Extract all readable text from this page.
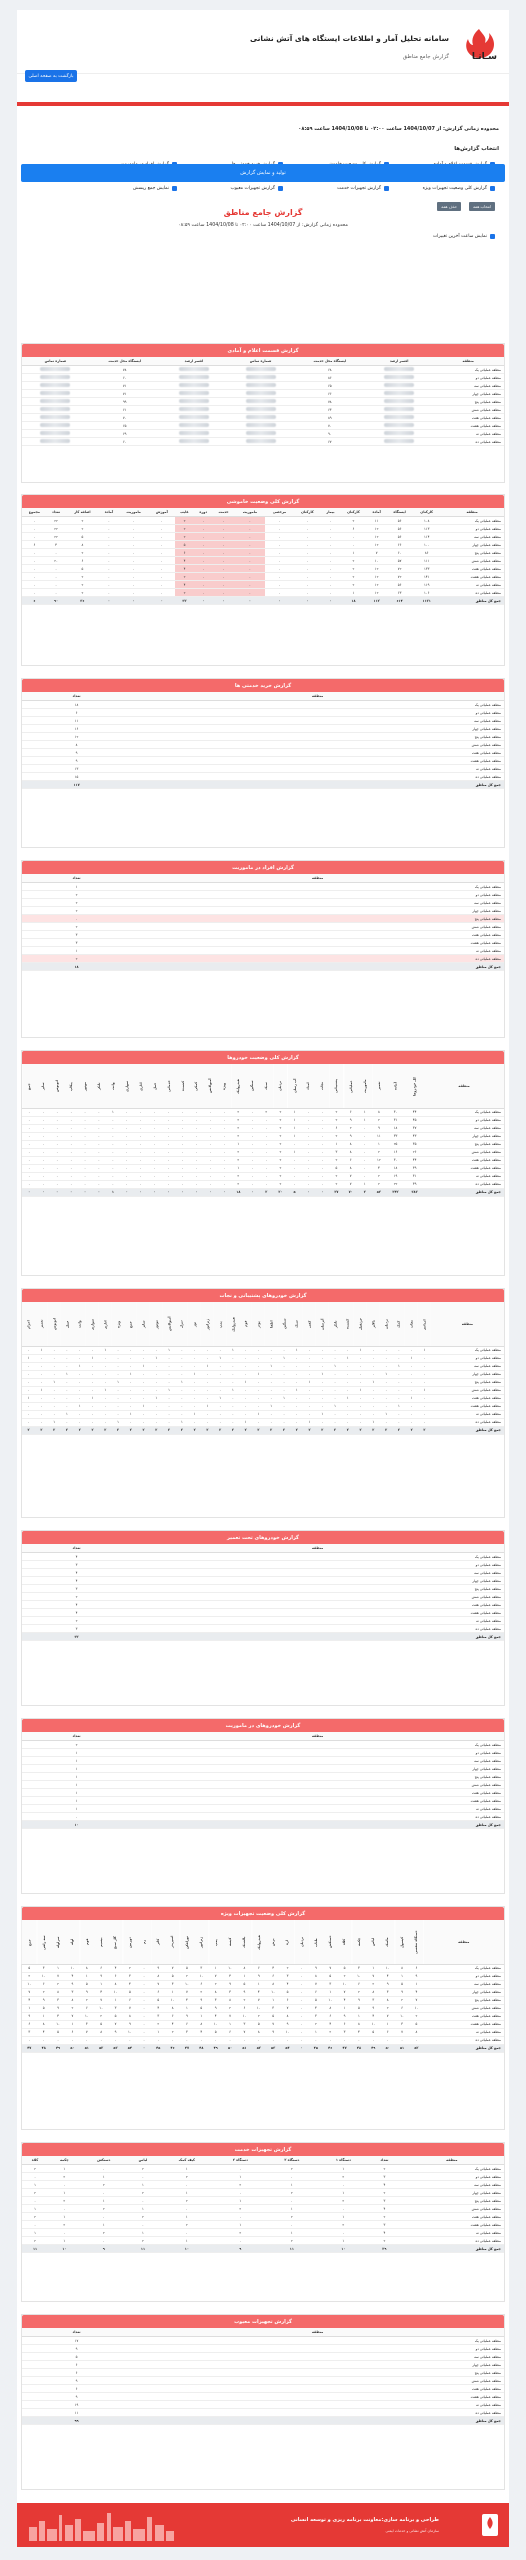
سـاتـا
سامانه تحلیل آمار و اطلاعات ایستگاه های آتش نشانی
گزارش جامع مناطق
بازگشت به صفحه اصلی
محدوده زمانی گزارش: از 1404/10/07 ساعت ۰۲:۰۰ تا 1404/10/08 ساعت ۰۸:۵۹
انتخاب گزارش‌ها
گزارش کلی وضعیت تجهیزات ویژه
گزارش تجهیزات خدمت
گزارش تجهیزات معیوب
نمایش جمع ریسش
انتخاب همه
حذف همه
نمایش ساعت آخرین تغییرات
تولید و نمایش گزارش
گزارش جامع مناطق
محدوده زمانی گزارش: از 1404/10/07 ساعت ۰۲:۰۰ تا 1404/10/08 ساعت ۰۸:۵۹
گزارش قسمت اعلام و آمادی
منطقه	افسر ارشد	ایستگاه محل خدمت	شماره تماس	افسر ارشد	ایستگاه محل خدمت	شماره تماس
منطقه عملیاتی یک		۶۸			۷۸	
منطقه عملیاتی دو		۸۶			۶۰	
منطقه عملیاتی سه		۶۵			۷۱	
منطقه عملیاتی چهار		۶۶			۷۱	
منطقه عملیاتی پنج		۷۸			۹۹	
منطقه عملیاتی شش		۶۳			۶۱	
منطقه عملیاتی هفت		۸۹			۷۰	
منطقه عملیاتی هشت		۷۰			۶۵	
منطقه عملیاتی نه		۹۰			۶۹	
منطقه عملیاتی ده		۶۷			۶۰	
گزارش کلی وضعیت خاموشی
منطقه	کارکنان	ایستگاه	آماده	کارکنان	بیمار	کارکنان	مرخصی	ماموریت	خدمت	دوره	غایب	آموزش	ماموریت	آماده	اضافه کار	تعداد	مجموع
منطقه عملیاتی یک	۱۰۸	۵۶	۱۱	۲	۰	۰	۰	۰	۰	۰	۲	۰	۰	۰	۲	۲۲	۰
منطقه عملیاتی دو	۱۱۳	۵۶	۱۲	۶	۰	۰	۰	۰	۰	۰	۲	۰	۰	۰	۲	۲۲	۰
منطقه عملیاتی سه	۱۱۴	۵۶	۱۲	۰	۰	۰	۰	۰	۰	۰	۲	۰	۰	۰	۵	۲۲	۰
منطقه عملیاتی چهار	۱۰۰	۶۶	۱۲	۰	۰	۰	۰	۰	۰	۰	۵	۰	۰	۰	۸	۴	۶
منطقه عملیاتی پنج	۸۶	۶۰	۷	۱	۰	۰	۰	۰	۰	۰	۶	۰	۰	۰	۲	۰	۰
منطقه عملیاتی شش	۱۱۱	۵۷	۱۰	۲	۰	۰	۰	۰	۰	۰	۴	۰	۰	۰	۶	۲۰	۰
منطقه عملیاتی هفت	۱۳۳	۷۲	۱۲	۲	۰	۰	۰	۰	۰	۰	۴	۰	۰	۰	۵	۰	۰
منطقه عملیاتی هشت	۱۴۱	۷۲	۱۲	۲	۰	۰	۰	۰	۰	۰	۲	۰	۰	۰	۲	۰	۰
منطقه عملیاتی نه	۱۱۹	۵۶	۱۲	۲	۰	۰	۰	۰	۰	۰	۴	۰	۰	۰	۲	۰	۰
منطقه عملیاتی ده	۱۰۶	۶۳	۱۲	۱	۰	۰	۰	۰	۰	۰	۲	۰	۰	۰	۲	۰	۰
جمع کل مناطق	۱۱۳۱	۶۱۴	۱۱۲	۱۸	۰	۰	۰	۰	۰	۰	۳۳	۰	۰	۰	۳۶	۹۰	۶
گزارش خرید خدمتی ها
منطقه	تعداد
منطقه عملیاتی یک	۱۸
منطقه عملیاتی دو	۶
منطقه عملیاتی سه	۱۱
منطقه عملیاتی چهار	۱۶
منطقه عملیاتی پنج	۱۲
منطقه عملیاتی شش	۸
منطقه عملیاتی هفت	۹
منطقه عملیاتی هشت	۹
منطقه عملیاتی نه	۱۳
منطقه عملیاتی ده	۱۵
جمع کل مناطق	۱۱۷
گزارش افراد در ماموریت
منطقه	تعداد
منطقه عملیاتی یک	۱
منطقه عملیاتی دو	۲
منطقه عملیاتی سه	۲
منطقه عملیاتی چهار	۲
منطقه عملیاتی پنج	۰
منطقه عملیاتی شش	۲
منطقه عملیاتی هفت	۳
منطقه عملیاتی هشت	۳
منطقه عملیاتی نه	۱
منطقه عملیاتی ده	۲
جمع کل مناطق	۱۸
گزارش کلی وضعیت خودروها
منطقه	کل خودروها	آماده	تعمیر	ماموریت	عملیاتی	پشتیبانی	نجات	امداد	آب رسان	نردبان	سبک	سنگین	هیدرولیک	ویژه	آمبولانس	کمکی	کشنده	خدماتی	حمل	اداری	سواری	وانت	تانکر	موتور	پیکاپ	اتوبوس	سایر	جمع
منطقه عملیاتی یک	۴۴	۳۰	۸	۱	۶	۲	۰	۰	۱	۲	۲	۰	۲	۰	۰	۰	۰	۰	۰	۰	۰	۱	۰	۰	۰	۰	۰	۰
منطقه عملیاتی دو	۴۵	۳۱	۲	۱	۹	۲	۰	۰	۱	۲	۰	۰	۲	۰	۰	۰	۰	۰	۰	۰	۰	۰	۰	۰	۰	۰	۰	۰
منطقه عملیاتی سه	۳۷	۱۸	۹	۰	۲	۶	۰	۰	۱	۲	۰	۰	۲	۰	۰	۰	۰	۰	۰	۰	۰	۰	۰	۰	۰	۰	۰	۰
منطقه عملیاتی چهار	۴۳	۳۳	۱۱	۰	۹	۲	۰	۰	۱	۲	۰	۰	۲	۰	۰	۰	۰	۰	۰	۰	۰	۰	۰	۰	۰	۰	۰	۰
منطقه عملیاتی پنج	۳۵	۲۵	۱	۰	۸	۱	۰	۰	۰	۲	۰	۰	۱	۰	۰	۰	۰	۰	۰	۰	۰	۰	۰	۰	۰	۰	۰	۰
منطقه عملیاتی شش	۲۶	۱۶	۲	۰	۸	۳	۰	۰	۱	۲	۰	۰	۲	۰	۰	۰	۰	۰	۰	۰	۰	۰	۰	۰	۰	۰	۰	۰
منطقه عملیاتی هفت	۴۴	۳۰	۱۲	۰	۶	۲	۰	۰	۰	۲	۰	۰	۲	۰	۰	۰	۰	۰	۰	۰	۰	۰	۰	۰	۰	۰	۰	۰
منطقه عملیاتی هشت	۳۹	۱۸	۴	۰	۸	۵	۰	۰	۰	۲	۰	۰	۱	۰	۰	۰	۰	۰	۰	۰	۰	۰	۰	۰	۰	۰	۰	۰
منطقه عملیاتی نه	۳۱	۱۹	۲	۰	۷	۲	۰	۰	۰	۲	۰	۰	۲	۰	۰	۰	۰	۰	۰	۰	۰	۰	۰	۰	۰	۰	۰	۰
منطقه عملیاتی ده	۳۹	۲۲	۲	۱	۷	۲	۰	۰	۰	۲	۰	۰	۲	۰	۰	۰	۰	۰	۰	۰	۰	۰	۰	۰	۰	۰	۰	۰
جمع کل مناطق	۳۸۳	۲۴۲	۵۳	۳	۷۰	۲۷	۰	۰	۵	۲۰	۲	۰	۱۸	۰	۰	۰	۰	۰	۰	۰	۰	۱	۰	۰	۰	۰	۰	۰
گزارش خودروهای پشتیبانی و نجات
منطقه	امدادی	نجات	کمک	نردبان	بالابر	جرثقیل	کشنده	تانکر	آبرسان	کفی	سبک	سنگین	اطفا	پودر	فوم	هیدرولیک	پمپ	ژنراتور	نور	دیزل	آمبولانس	موتور	سایر	جمع	ویژه	اداری	سواری	وانت	حمل	اتوبوس	تعمیر	اعزام
منطقه عملیاتی یک	۱	۰	۰	۰	۰	۱	۰	۰	۰	۰	۱	۰	۰	۰	۰	۱	۰	۰	۰	۰	۱	۰	۰	۰	۰	۱	۰	۰	۰	۰	۱	۰
منطقه عملیاتی دو	۰	۱	۰	۰	۰	۰	۱	۰	۰	۰	۰	۱	۰	۰	۰	۰	۱	۰	۰	۰	۰	۱	۰	۰	۰	۰	۱	۰	۰	۰	۰	۱
منطقه عملیاتی سه	۰	۰	۱	۰	۰	۰	۰	۱	۰	۰	۰	۰	۱	۰	۰	۰	۰	۱	۰	۰	۰	۰	۱	۰	۰	۰	۰	۱	۰	۰	۰	۰
منطقه عملیاتی چهار	۰	۰	۰	۱	۰	۰	۰	۰	۱	۰	۰	۰	۰	۱	۰	۰	۰	۰	۱	۰	۰	۰	۰	۱	۰	۰	۰	۰	۱	۰	۰	۰
منطقه عملیاتی پنج	۰	۰	۰	۰	۱	۰	۰	۰	۰	۱	۰	۰	۰	۰	۱	۰	۰	۰	۰	۱	۰	۰	۰	۰	۱	۰	۰	۰	۰	۱	۰	۰
منطقه عملیاتی شش	۱	۰	۰	۰	۰	۱	۰	۰	۰	۰	۱	۰	۰	۰	۰	۱	۰	۰	۰	۰	۱	۰	۰	۰	۰	۱	۰	۰	۰	۰	۱	۰
منطقه عملیاتی هفت	۰	۱	۰	۰	۰	۰	۱	۰	۰	۰	۰	۱	۰	۰	۰	۰	۱	۰	۰	۰	۰	۱	۰	۰	۰	۰	۱	۰	۰	۰	۰	۱
منطقه عملیاتی هشت	۰	۰	۱	۰	۰	۰	۰	۱	۰	۰	۰	۰	۱	۰	۰	۰	۰	۱	۰	۰	۰	۰	۱	۰	۰	۰	۰	۱	۰	۰	۰	۰
منطقه عملیاتی نه	۰	۰	۰	۱	۰	۰	۰	۰	۱	۰	۰	۰	۰	۱	۰	۰	۰	۰	۱	۰	۰	۰	۰	۱	۰	۰	۰	۰	۱	۰	۰	۰
منطقه عملیاتی ده	۰	۰	۰	۰	۱	۰	۰	۰	۰	۱	۰	۰	۰	۰	۱	۰	۰	۰	۰	۱	۰	۰	۰	۰	۱	۰	۰	۰	۰	۱	۰	۰
جمع کل مناطق	۲	۲	۲	۲	۲	۲	۲	۲	۲	۲	۲	۲	۲	۲	۲	۲	۲	۲	۲	۲	۲	۲	۲	۲	۲	۲	۲	۲	۲	۲	۲	۲
گزارش خودروهای تحت تعمیر
منطقه	تعداد
منطقه عملیاتی یک	۴
منطقه عملیاتی دو	۳
منطقه عملیاتی سه	۴
منطقه عملیاتی چهار	۴
منطقه عملیاتی پنج	۳
منطقه عملیاتی شش	۲
منطقه عملیاتی هفت	۴
منطقه عملیاتی هشت	۴
منطقه عملیاتی نه	۲
منطقه عملیاتی ده	۳
جمع کل مناطق	۳۳
گزارش خودروهای در ماموریت
منطقه	تعداد
منطقه عملیاتی یک	۲
منطقه عملیاتی دو	۱
منطقه عملیاتی سه	۱
منطقه عملیاتی چهار	۱
منطقه عملیاتی پنج	۱
منطقه عملیاتی شش	۱
منطقه عملیاتی هفت	۱
منطقه عملیاتی هشت	۱
منطقه عملیاتی نه	۱
منطقه عملیاتی ده	۰
جمع کل مناطق	۱۰
گزارش کلی وضعیت تجهیزات ویژه
منطقه	دستگاه تنفسی	کپسول	ماسک	لباس	چکمه	کلاه	دستکش	طناب	نردبان	اره	برش	هیدرولیک	بالشتک	کیسه	پمپ	ژنراتور	نورافکن	اسپریدر	کاتر	رم	دوربین	گاز سنج	بیسیم	فوم	لوله	سرلوله	سه راهی	جمع
منطقه عملیاتی یک	۶	۸	۱۰	۱	۳	۵	۷	۹	۰	۲	۴	۶	۸	۱۰	۱	۳	۵	۷	۹	۰	۲	۴	۶	۸	۱۰	۱	۳	۵
منطقه عملیاتی دو	۹	۱	۴	۷	۱۰	۲	۵	۸	۰	۳	۶	۹	۱	۴	۷	۱۰	۲	۵	۸	۰	۳	۶	۹	۱	۴	۷	۱۰	۲
منطقه عملیاتی سه	۱	۵	۹	۲	۶	۱۰	۳	۷	۰	۴	۸	۱	۵	۹	۲	۶	۱۰	۳	۷	۰	۴	۸	۱	۵	۹	۲	۶	۱۰
منطقه عملیاتی چهار	۴	۹	۳	۸	۲	۷	۱	۶	۰	۵	۱۰	۴	۹	۳	۸	۲	۷	۱	۶	۰	۵	۱۰	۴	۹	۳	۸	۲	۷
منطقه عملیاتی پنج	۷	۲	۸	۳	۹	۴	۱۰	۵	۰	۶	۱	۷	۲	۸	۳	۹	۴	۱۰	۵	۰	۶	۱	۷	۲	۸	۳	۹	۴
منطقه عملیاتی شش	۱۰	۶	۲	۹	۵	۱	۸	۴	۰	۷	۳	۱۰	۶	۲	۹	۵	۱	۸	۴	۰	۷	۳	۱۰	۶	۲	۹	۵	۱
منطقه عملیاتی هفت	۲	۱۰	۷	۴	۱	۹	۶	۳	۰	۸	۵	۲	۱۰	۷	۴	۱	۹	۶	۳	۰	۸	۵	۲	۱۰	۷	۴	۱	۹
منطقه عملیاتی هشت	۵	۳	۱	۱۰	۸	۶	۴	۲	۰	۹	۷	۵	۳	۱	۱۰	۸	۶	۴	۲	۰	۹	۷	۵	۳	۱	۱۰	۸	۶
منطقه عملیاتی نه	۸	۷	۶	۵	۴	۳	۲	۱	۰	۱۰	۹	۸	۷	۶	۵	۴	۳	۲	۱	۰	۱۰	۹	۸	۷	۶	۵	۴	۳
منطقه عملیاتی ده	۰	۰	۰	۰	۰	۰	۰	۰	۰	۰	۰	۰	۰	۰	۰	۰	۰	۰	۰	۰	۰	۰	۰	۰	۰	۰	۰	۰
جمع کل مناطق	۵۲	۵۱	۵۰	۴۹	۴۸	۴۷	۴۶	۴۵	۰	۵۴	۵۳	۵۲	۵۱	۵۰	۴۹	۴۸	۴۷	۴۶	۴۵	۰	۵۴	۵۳	۵۲	۵۱	۵۰	۴۹	۴۸	۴۷
گزارش تجهیزات خدمت
منطقه	تعداد	دستگاه ۱	دستگاه ۲	دستگاه ۳	کیف کمک	لباس	دستکش	چکمه	کلاه
منطقه عملیاتی یک	۲	۱	۲	۰	۱	۲	۰	۱	۲
منطقه عملیاتی دو	۳	۲	۰	۱	۲	۰	۱	۲	۰
منطقه عملیاتی سه	۴	۰	۱	۲	۰	۱	۲	۰	۱
منطقه عملیاتی چهار	۲	۱	۲	۰	۱	۲	۰	۱	۲
منطقه عملیاتی پنج	۳	۲	۰	۱	۲	۰	۱	۲	۰
منطقه عملیاتی شش	۴	۰	۱	۲	۰	۱	۲	۰	۱
منطقه عملیاتی هفت	۲	۱	۲	۰	۱	۲	۰	۱	۲
منطقه عملیاتی هشت	۳	۲	۰	۱	۲	۰	۱	۲	۰
منطقه عملیاتی نه	۴	۰	۱	۲	۰	۱	۲	۰	۱
منطقه عملیاتی ده	۲	۱	۲	۰	۱	۲	۰	۱	۲
جمع کل مناطق	۲۹	۱۰	۱۱	۹	۱۰	۱۱	۹	۱۰	۱۱
گزارش تجهیزات معیوب
منطقه	تعداد
منطقه عملیاتی یک	۱۷
منطقه عملیاتی دو	۹
منطقه عملیاتی سه	۵
منطقه عملیاتی چهار	۶
منطقه عملیاتی پنج	۶
منطقه عملیاتی شش	۹
منطقه عملیاتی هفت	۶
منطقه عملیاتی هشت	۹
منطقه عملیاتی نه	۱۹
منطقه عملیاتی ده	۱۱
جمع کل مناطق	۹۹
طراحی و برنامه سازی:معاونت برنامه ریزی و توسعه انسانی
سازمان آتش نشانی و خدمات ایمنی
